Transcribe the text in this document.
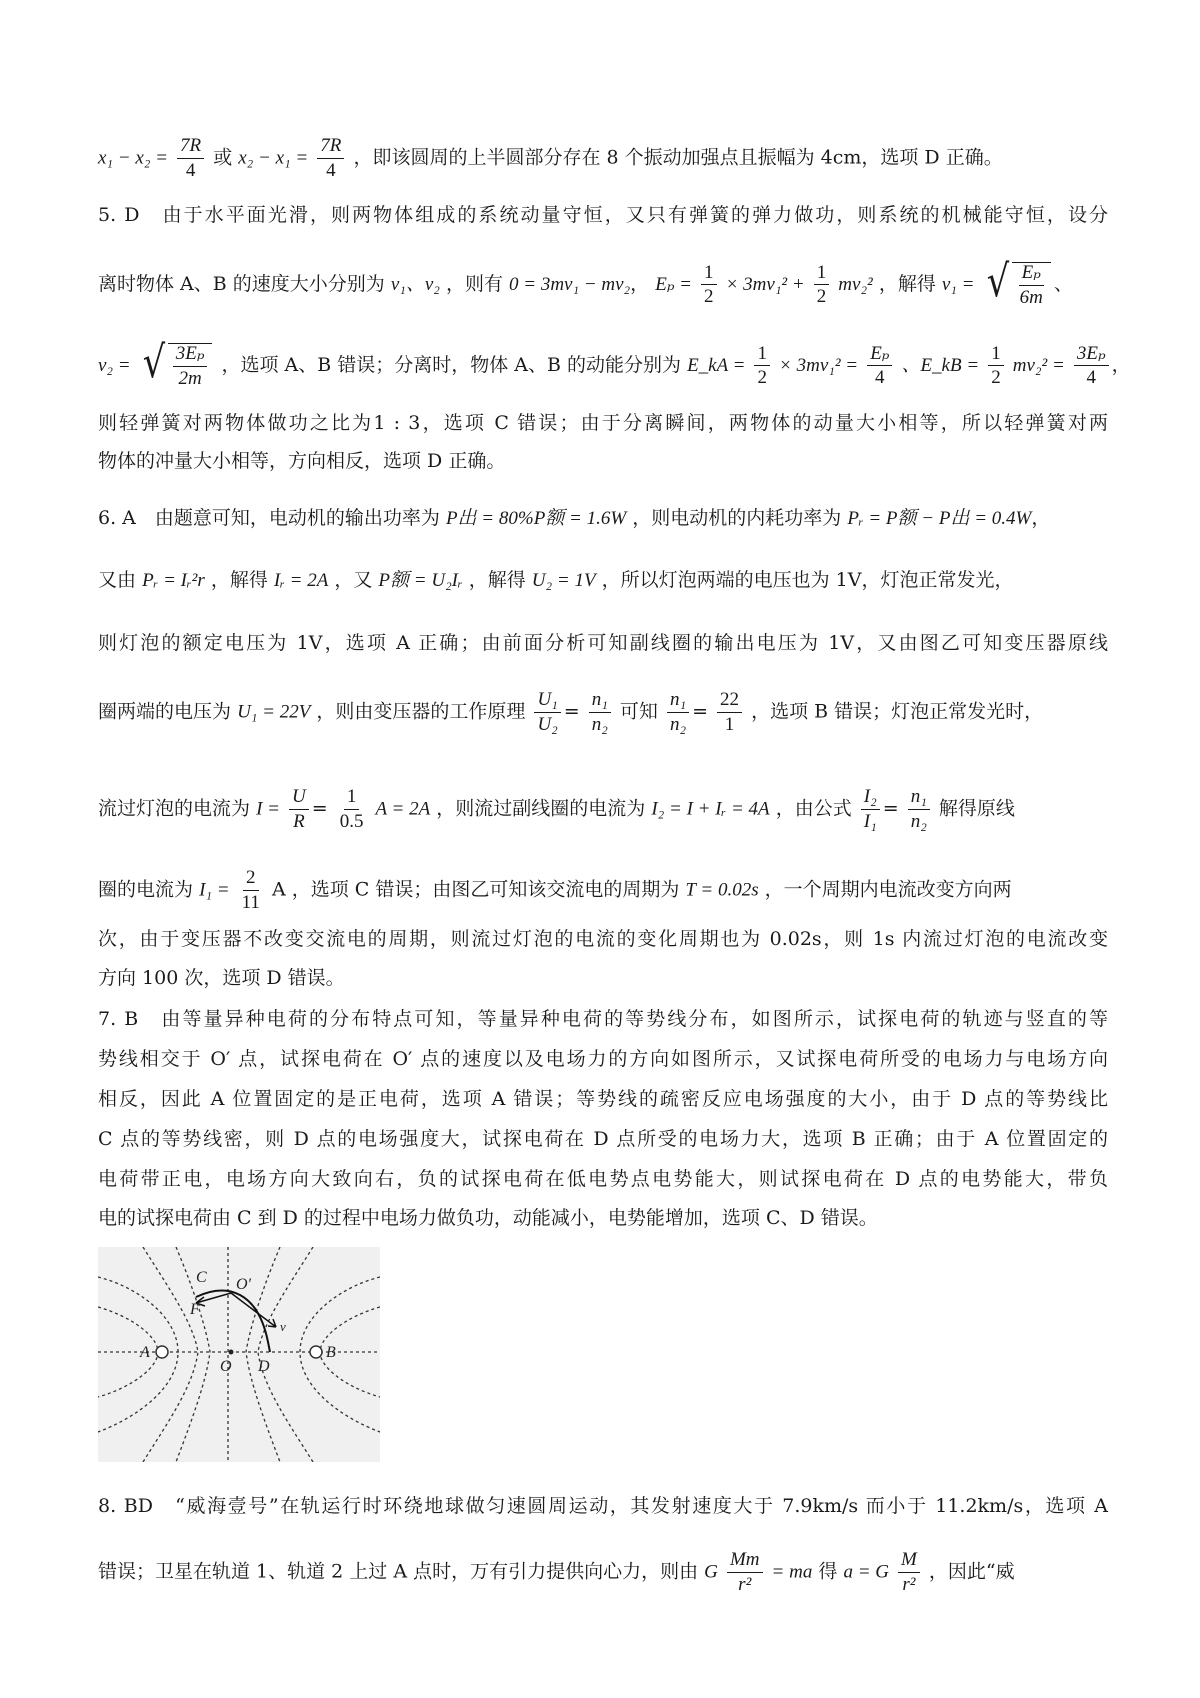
$x_1 - x_2 = \frac{7R}{4}$ 或 $x_2 - x_1 = \frac{7R}{4}$ ，即该圆周的上半圆部分存在 8 个振动加强点且振幅为 4cm，选项 D 正确。
5. D　由于水平面光滑，则两物体组成的系统动量守恒，又只有弹簧的弹力做功，则系统的机械能守恒，设分
离时物体 A、B 的速度大小分别为 v₁、v₂ ，则有 0 = 3mv₁ − mv₂， $E_p = \frac{1}{2} \times 3mv_1^2 + \frac{1}{2} mv_2^2$ ，解得 v₁ = √ $\frac{\text{Eₚ}}{6m}$ 、
v₂ = √ $\frac{\text{3Eₚ}}{2m}$ ，选项 A、B 错误；分离时，物体 A、B 的动能分别为 E_kA = $\frac{1}{2} \times 3mv_1^2 = \frac{\text{Eₚ}}{4}$ 、E_kB = $\frac{1}{2} mv_2^2 = \frac{\text{3Eₚ}}{4}$ ，
则轻弹簧对两物体做功之比为1 : 3，选项 C 错误；由于分离瞬间，两物体的动量大小相等，所以轻弹簧对两
物体的冲量大小相等，方向相反，选项 D 正确。
6. A　由题意可知，电动机的输出功率为 P出 = 80%P额 = 1.6W ，则电动机的内耗功率为 Pᵣ = P额 − P出 = 0.4W，
又由 Pᵣ = Iᵣ²r ，解得 Iᵣ = 2A ，又 P额 = U₂Iᵣ ，解得 U₂ = 1V ，所以灯泡两端的电压也为 1V，灯泡正常发光，
则灯泡的额定电压为 1V，选项 A 正确；由前面分析可知副线圈的输出电压为 1V，又由图乙可知变压器原线
圈两端的电压为 U₁ = 22V ，则由变压器的工作原理 $\frac{\text{U₁}}{\text{U₂}} = \frac{\text{n₁}}{\text{n₂}}$ 可知 $\frac{\text{n₁}}{\text{n₂}} = \frac{22}{1}$ ，选项 B 错误；灯泡正常发光时，
流过灯泡的电流为 $I = \frac{U}{R} = \frac{1}{0.5}$ A = 2A ，则流过副线圈的电流为 I₂ = I + Iᵣ = 4A ，由公式 $\frac{\text{I₂}}{\text{I₁}} = \frac{\text{n₁}}{\text{n₂}}$ 解得原线
圈的电流为 $I_1 = \frac{2}{11}$ A ，选项 C 错误；由图乙可知该交流电的周期为 T = 0.02s ，一个周期内电流改变方向两
次，由于变压器不改变交流电的周期，则流过灯泡的电流的变化周期也为 0.02s，则 1s 内流过灯泡的电流改变
方向 100 次，选项 D 错误。
7. B　由等量异种电荷的分布特点可知，等量异种电荷的等势线分布，如图所示，试探电荷的轨迹与竖直的等
势线相交于 O′ 点，试探电荷在 O′ 点的速度以及电场力的方向如图所示，又试探电荷所受的电场力与电场方向
相反，因此 A 位置固定的是正电荷，选项 A 错误；等势线的疏密反应电场强度的大小，由于 D 点的等势线比
C 点的等势线密，则 D 点的电场强度大，试探电荷在 D 点所受的电场力大，选项 B 正确；由于 A 位置固定的
电荷带正电，电场方向大致向右，负的试探电荷在低电势点电势能大，则试探电荷在 D 点的电势能大，带负
电的试探电荷由 C 到 D 的过程中电场力做负功，动能减小，电势能增加，选项 C、D 错误。
A	B
C
D
O
O′
F
v
8. BD　“威海壹号”在轨运行时环绕地球做匀速圆周运动，其发射速度大于 7.9km/s 而小于 11.2km/s，选项 A
错误；卫星在轨道 1、轨道 2 上过 A 点时，万有引力提供向心力，则由 G $\frac{Mm}{\text{r²}}$ = ma 得 a = G $\frac{M}{\text{r²}}$ ，因此“威
